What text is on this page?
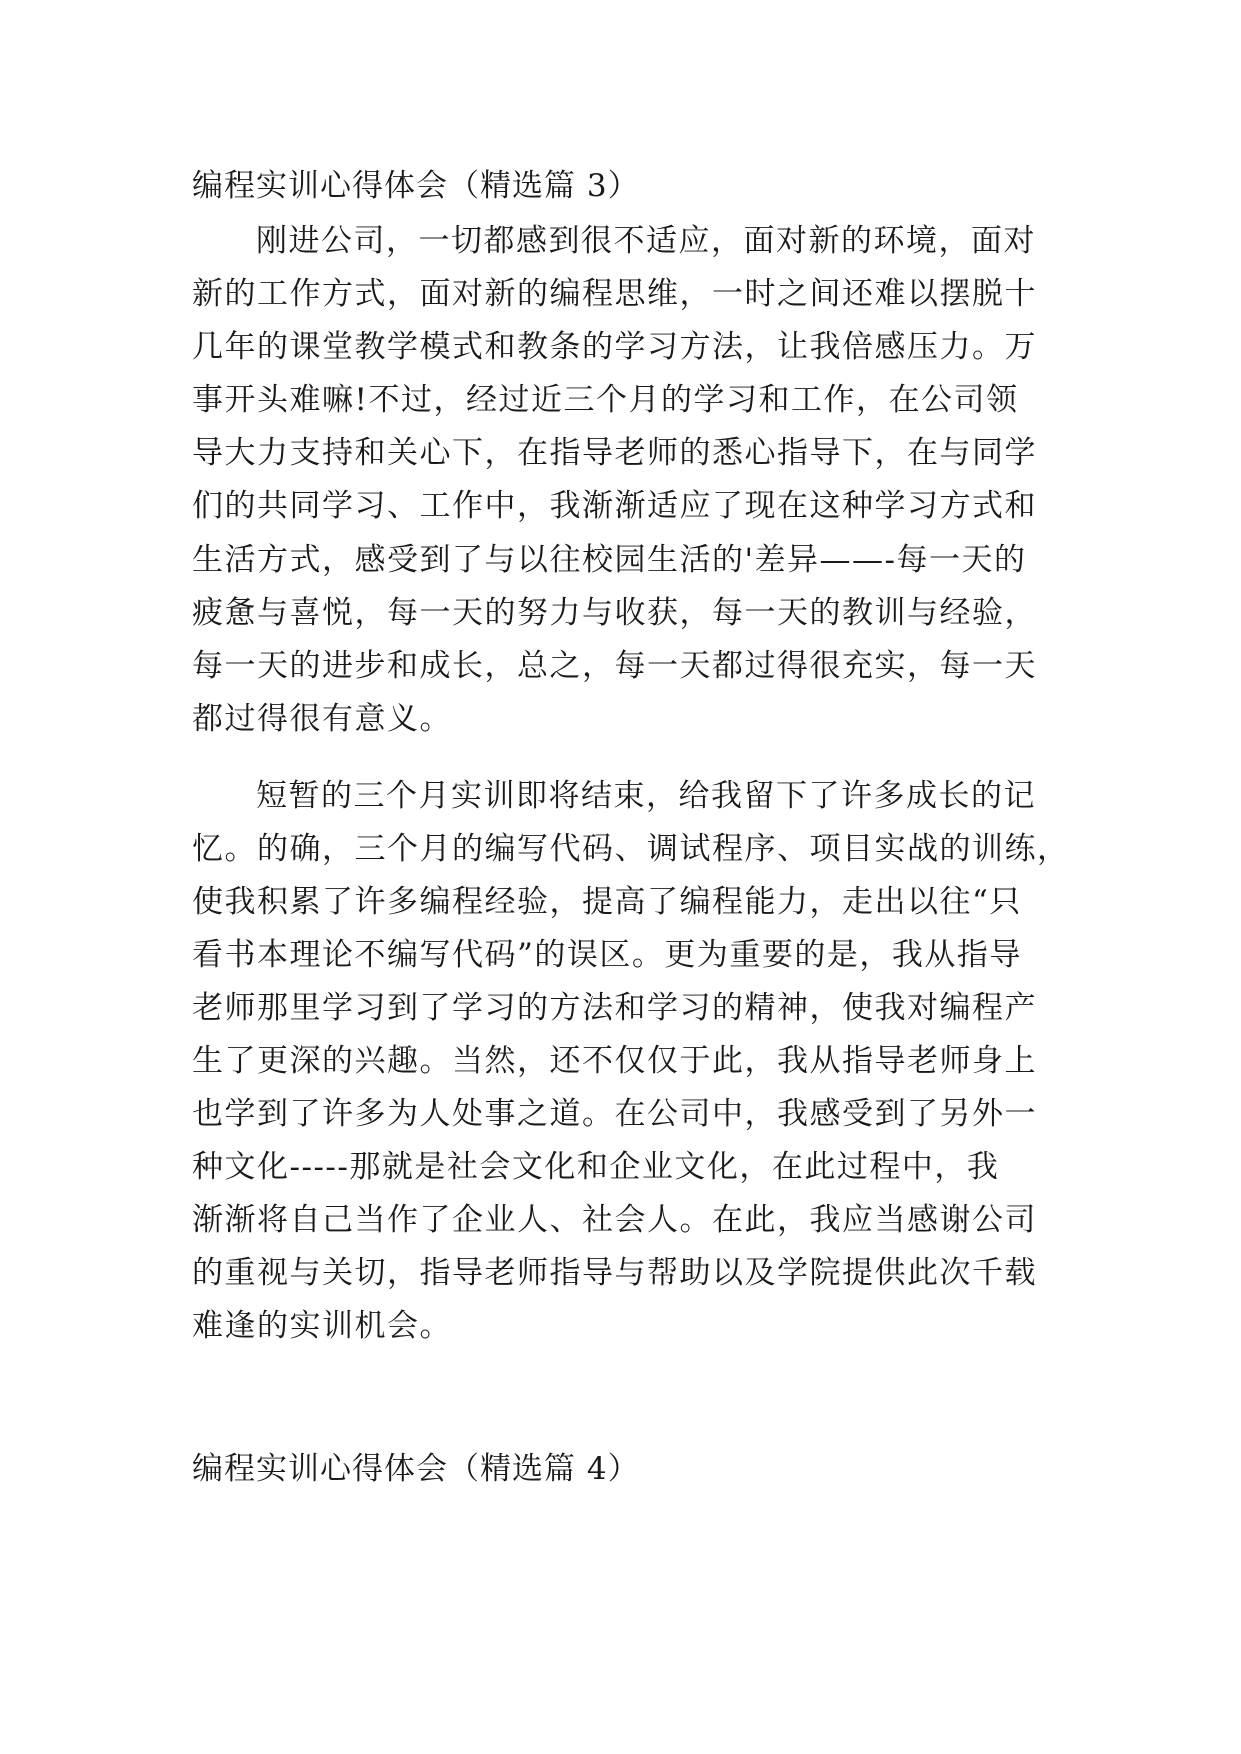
编程实训心得体会（精选篇 3）
刚进公司，一切都感到很不适应，面对新的环境，面对
新的工作方式，面对新的编程思维，一时之间还难以摆脱十
几年的课堂教学模式和教条的学习方法，让我倍感压力。万
事开头难嘛!不过，经过近三个月的学习和工作，在公司领
导大力支持和关心下，在指导老师的悉心指导下，在与同学
们的共同学习、工作中，我渐渐适应了现在这种学习方式和
生活方式，感受到了与以往校园生活的'差异——-每一天的
疲惫与喜悦，每一天的努力与收获，每一天的教训与经验，
每一天的进步和成长，总之，每一天都过得很充实，每一天
都过得很有意义。
短暂的三个月实训即将结束，给我留下了许多成长的记
忆。的确，三个月的编写代码、调试程序、项目实战的训练，
使我积累了许多编程经验，提高了编程能力，走出以往“只
看书本理论不编写代码”的误区。更为重要的是，我从指导
老师那里学习到了学习的方法和学习的精神，使我对编程产
生了更深的兴趣。当然，还不仅仅于此，我从指导老师身上
也学到了许多为人处事之道。在公司中，我感受到了另外一
种文化-----那就是社会文化和企业文化，在此过程中，我
渐渐将自己当作了企业人、社会人。在此，我应当感谢公司
的重视与关切，指导老师指导与帮助以及学院提供此次千载
难逢的实训机会。
编程实训心得体会（精选篇 4）
